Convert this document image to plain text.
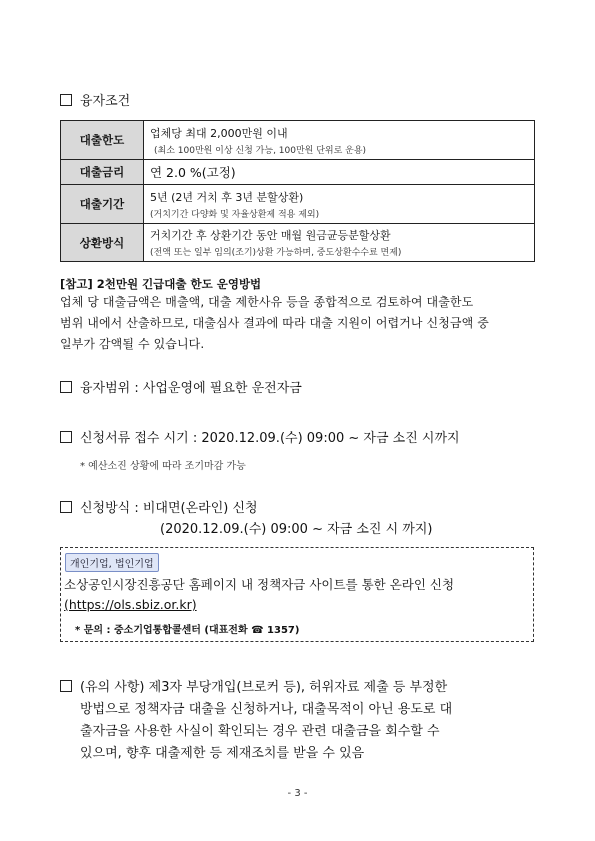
융자조건
대출한도	업체당 최대 2,000만원 이내
(최소 100만원 이상 신청 가능, 100만원 단위로 운용)

대출금리	연 2.0 %(고정)

대출기간	5년 (2년 거치 후 3년 분할상환)
(거치기간 다양화 및 자율상환제 적용 제외)

상환방식	거치기간 후 상환기간 동안 매월 원금균등분할상환
(전액 또는 일부 임의(조기)상환 가능하며, 중도상환수수료 면제)
[참고] 2천만원 긴급대출 한도 운영방법
업체 당 대출금액은 매출액, 대출 제한사유 등을 종합적으로 검토하여 대출한도
범위 내에서 산출하므로, 대출심사 결과에 따라 대출 지원이 어렵거나 신청금액 중
일부가 감액될 수 있습니다.
융자범위 : 사업운영에 필요한 운전자금
신청서류 접수 시기 : 2020.12.09.(수) 09:00 ~ 자금 소진 시까지
* 예산소진 상황에 따라 조기마감 가능
신청방식 : 비대면(온라인) 신청
(2020.12.09.(수) 09:00 ~ 자금 소진 시 까지)
개인기업, 법인기업
소상공인시장진흥공단 홈페이지 내 정책자금 사이트를 통한 온라인 신청
(https://ols.sbiz.or.kr)
* 문의 : 중소기업통합콜센터 (대표전화 ☎ 1357)
(유의 사항) 제3자 부당개입(브로커 등), 허위자료 제출 등 부정한
방법으로 정책자금 대출을 신청하거나, 대출목적이 아닌 용도로 대
출자금을 사용한 사실이 확인되는 경우 관련 대출금을 회수할 수
있으며, 향후 대출제한 등 제재조치를 받을 수 있음
- 3 -
